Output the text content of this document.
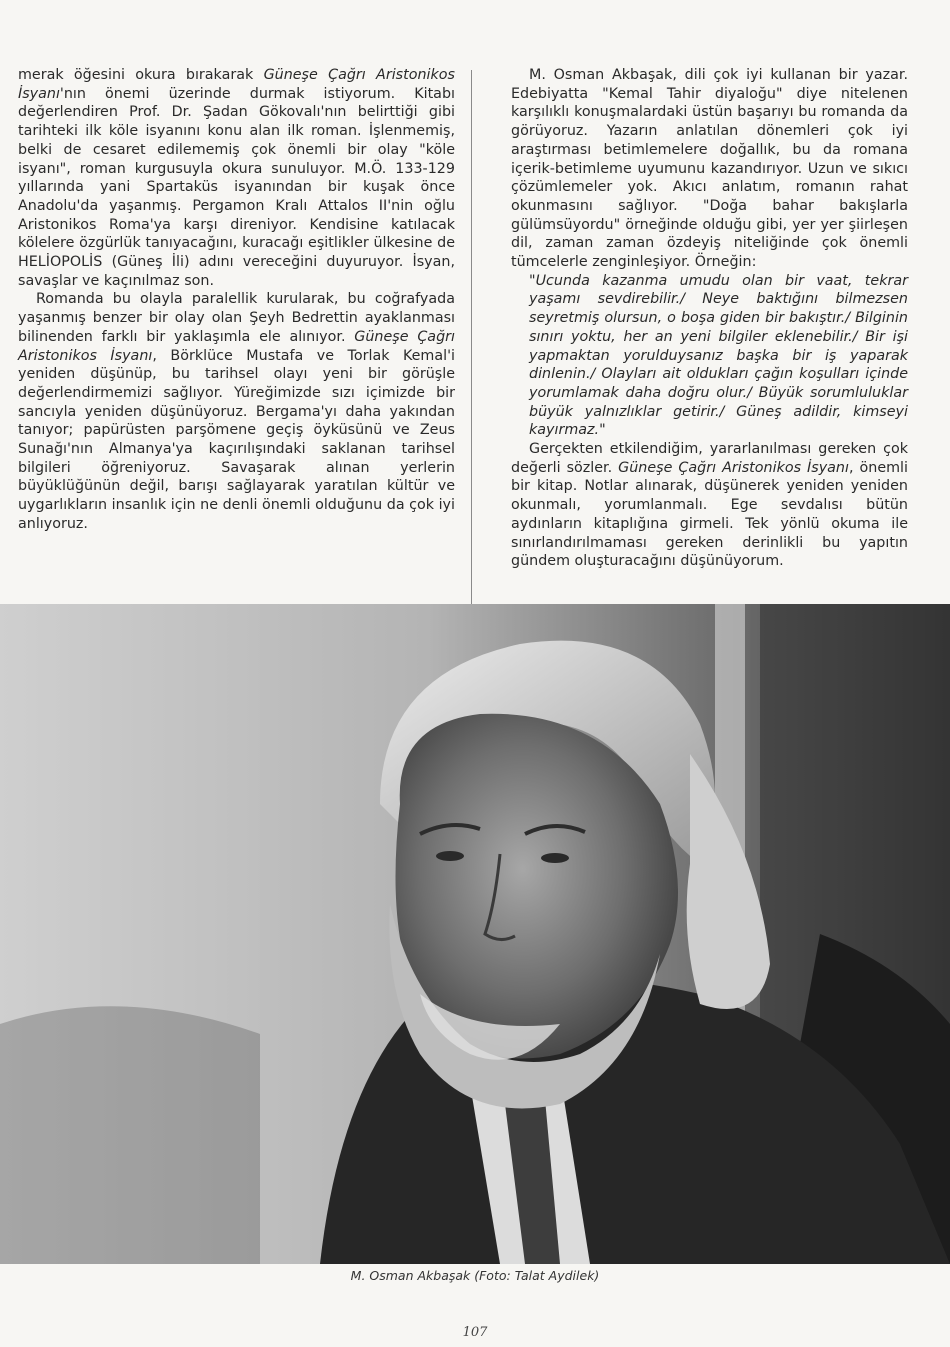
merak öğesini okura bırakarak Güneşe Çağrı Aristonikos İsyanı'nın önemi üzerinde durmak istiyorum. Kitabı değerlendiren Prof. Dr. Şadan Gökovalı'nın belirttiği gibi tarihteki ilk köle isyanını konu alan ilk roman. İşlenmemiş, belki de cesaret edilememiş çok önemli bir olay "köle isyanı", roman kurgusuyla okura sunuluyor. M.Ö. 133-129 yıllarında yani Spartaküs isyanından bir kuşak önce Anadolu'da yaşanmış. Pergamon Kralı Attalos II'nin oğlu Aristonikos Roma'ya karşı direniyor. Kendisine katılacak kölelere özgürlük tanıyacağını, kuracağı eşitlikler ülkesine de HELİOPOLİS (Güneş İli) adını vereceğini duyuruyor. İsyan, savaşlar ve kaçınılmaz son.

Romanda bu olayla paralellik kurularak, bu coğrafyada yaşanmış benzer bir olay olan Şeyh Bedrettin ayaklanması bilinenden farklı bir yaklaşımla ele alınıyor. Güneşe Çağrı Aristonikos İsyanı, Börklüce Mustafa ve Torlak Kemal'i yeniden düşünüp, bu tarihsel olayı yeni bir görüşle değerlendirmemizi sağlıyor. Yüreğimizde sızı içimizde bir sancıyla yeniden düşünüyoruz. Bergama'yı daha yakından tanıyor; papürüsten parşömene geçiş öyküsünü ve Zeus Sunağı'nın Almanya'ya kaçırılışındaki saklanan tarihsel bilgileri öğreniyoruz. Savaşarak alınan yerlerin büyüklüğünün değil, barışı sağlayarak yaratılan kültür ve uygarlıkların insanlık için ne denli önemli olduğunu da çok iyi anlıyoruz.

M. Osman Akbaşak, dili çok iyi kullanan bir yazar. Edebiyatta "Kemal Tahir diyaloğu" diye nitelenen karşılıklı konuşmalardaki üstün başarıyı bu romanda da görüyoruz. Yazarın anlatılan dönemleri çok iyi araştırması betimlemelere doğallık, bu da romana içerik-betimleme uyumunu kazandırıyor. Uzun ve sıkıcı çözümlemeler yok. Akıcı anlatım, romanın rahat okunmasını sağlıyor. "Doğa bahar bakışlarla gülümsüyordu" örneğinde olduğu gibi, yer yer şiirleşen dil, zaman zaman özdeyiş niteliğinde çok önemli tümcelerle zenginleşiyor. Örneğin:

"Ucunda kazanma umudu olan bir vaat, tekrar yaşamı sevdirebilir./ Neye baktığını bilmezsen seyretmiş olursun, o boşa giden bir bakıştır./ Bilginin sınırı yoktu, her an yeni bilgiler eklenebilir./ Bir işi yapmaktan yorulduysanız başka bir iş yaparak dinlenin./ Olayları ait oldukları çağın koşulları içinde yorumlamak daha doğru olur./ Büyük sorumluluklar büyük yalnızlıklar getirir./ Güneş adildir, kimseyi kayırmaz."

Gerçekten etkilendiğim, yararlanılması gereken çok değerli sözler. Güneşe Çağrı Aristonikos İsyanı, önemli bir kitap. Notlar alınarak, düşünerek yeniden yeniden okunmalı, yorumlanmalı. Ege sevdalısı bütün aydınların kitaplığına girmeli. Tek yönlü okuma ile sınırlandırılmaması gereken derinlikli bu yapıtın gündem oluşturacağını düşünüyorum.

M. Osman Akbaşak (Foto: Talat Aydilek)
107
